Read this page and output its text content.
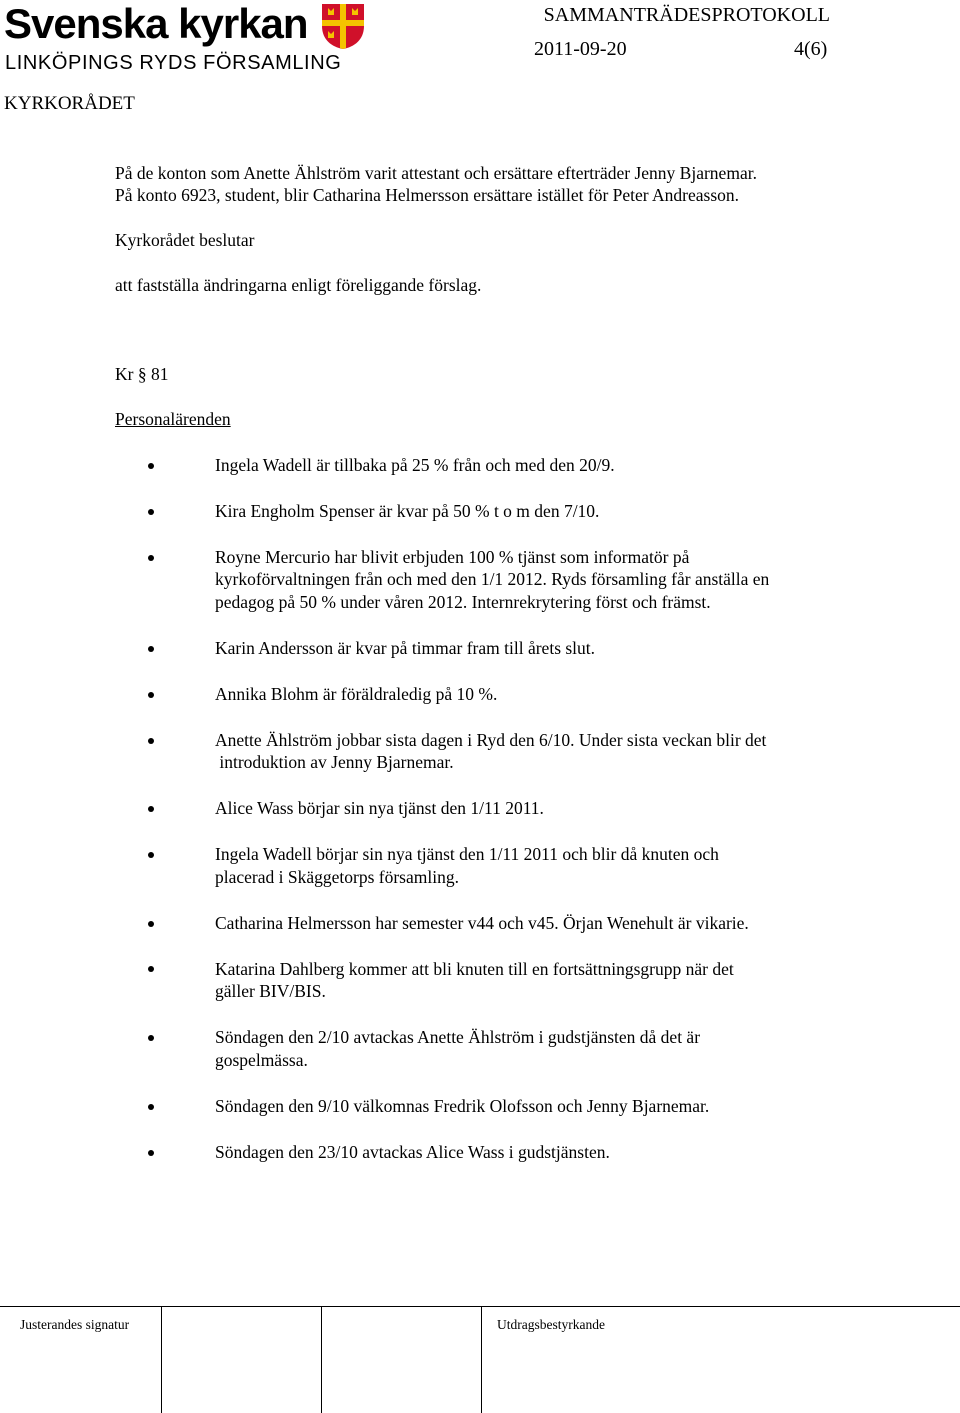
Svenska kyrkan
LINKÖPINGS RYDS FÖRSAMLING
SAMMANTRÄDESPROTOKOLL
2011-09-20	4(6)
KYRKORÅDET
På de konton som Anette Ählström varit attestant och ersättare efterträder Jenny Bjarnemar.
På konto 6923, student, blir Catharina Helmersson ersättare istället för Peter Andreasson.
Kyrkorådet beslutar
att fastställa ändringarna enligt föreliggande förslag.
Kr § 81
Personalärenden
Ingela Wadell är tillbaka på 25 % från och med den 20/9.
Kira Engholm Spenser är kvar på 50 % t o m den 7/10.
Royne Mercurio har blivit erbjuden 100 % tjänst som informatör på
kyrkoförvaltningen från och med den 1/1 2012. Ryds församling får anställa en
pedagog på 50 % under våren 2012. Internrekrytering först och främst.
Karin Andersson är kvar på timmar fram till årets slut.
Annika Blohm är föräldraledig på 10 %.
Anette Ählström jobbar sista dagen i Ryd den 6/10. Under sista veckan blir det
introduktion av Jenny Bjarnemar.
Alice Wass börjar sin nya tjänst den 1/11 2011.
Ingela Wadell börjar sin nya tjänst den 1/11 2011 och blir då knuten och
placerad i Skäggetorps församling.
Catharina Helmersson har semester v44 och v45. Örjan Wenehult är vikarie.
Katarina Dahlberg kommer att bli knuten till en fortsättningsgrupp när det
gäller BIV/BIS.
Söndagen den 2/10 avtackas Anette Ählström i gudstjänsten då det är
gospelmässa.
Söndagen den 9/10 välkomnas Fredrik Olofsson och Jenny Bjarnemar.
Söndagen den 23/10 avtackas Alice Wass i gudstjänsten.
Justerandes signatur	Utdragsbestyrkande
